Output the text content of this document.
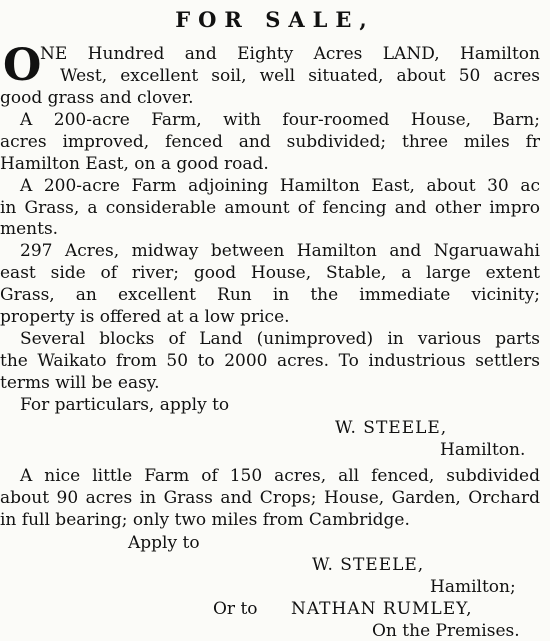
FOR SALE,
O
NE Hundred and Eighty Acres LAND, Hamilton
West, excellent soil, well situated, about 50 acres
good grass and clover.
A 200-acre Farm, with four-roomed House, Barn;
acres improved, fenced and subdivided; three miles fr
Hamilton East, on a good road.
A 200-acre Farm adjoining Hamilton East, about 30 ac
in Grass, a considerable amount of fencing and other impro
ments.
297 Acres, midway between Hamilton and Ngaruawahi
east side of river; good House, Stable, a large extent
Grass, an excellent Run in the immediate vicinity;
property is offered at a low price.
Several blocks of Land (unimproved) in various parts
the Waikato from 50 to 2000 acres. To industrious settlers
terms will be easy.
For particulars, apply to
W. STEELE,
Hamilton.
A nice little Farm of 150 acres, all fenced, subdivided
about 90 acres in Grass and Crops; House, Garden, Orchard
in full bearing; only two miles from Cambridge.
Apply to
W. STEELE,
Hamilton;
Or to NATHAN RUMLEY,
On the Premises.
